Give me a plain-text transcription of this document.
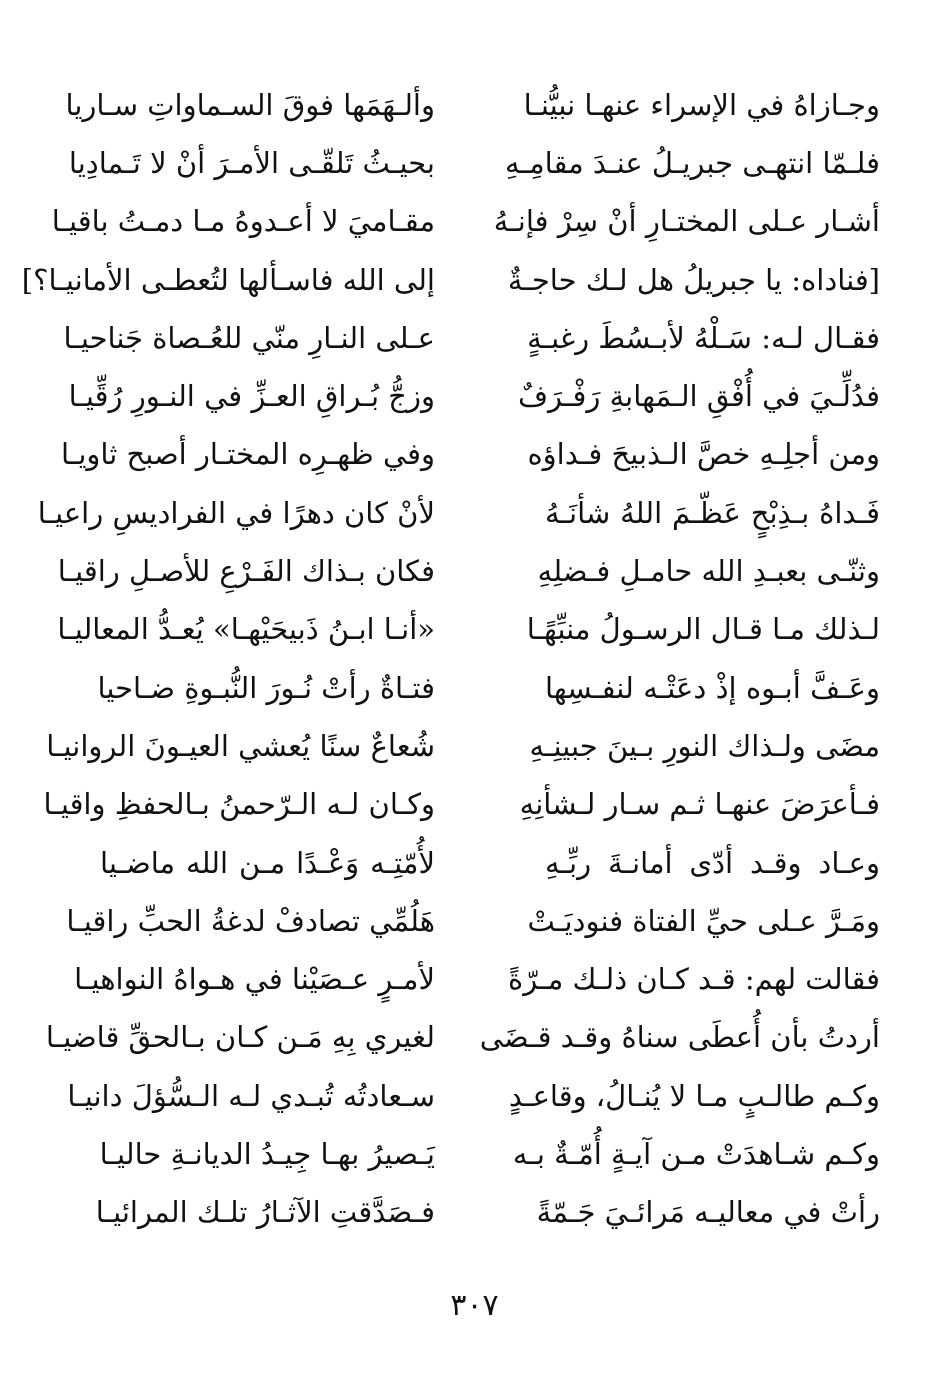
وجـازاهُ في الإسراء عنهـا نبيُّنـا
وألـهَمَها فوقَ السـماواتِ سـاريا
فلـمّا انتهـى جبريـلُ عنـدَ مقامِـهِ
بحيـثُ تَلقّـى الأمـرَ أنْ لا تَـمادِيا
أشـار عـلى المختـارِ أنْ سِرْ فإنـهُ
مقـاميَ لا أعـدوهُ مـا دمـتُ باقيـا
[فناداه: يا جبريلُ هل لـك حاجـةٌ
إلى الله فاسـألها لتُعطـى الأمانيـا؟]
فقـال لـه: سَـلْهُ لأبـسُطَ رغبـةٍ
عـلى النـارِ منّي للعُـصاة جَناحيـا
فدُلِّـيَ في أُفْقِ الـمَهابةِ رَفْـرَفٌ
وزجُّ بُـراقِ العـزِّ في النـورِ رُقِّيـا
ومن أجلِـهِ خصَّ الـذبيحَ فـداؤه
وفي ظهـرِه المختـار أصبح ثاويـا
فَـداهُ بـذِبْحٍ عَظّـمَ اللهُ شأنَـهُ
لأنْ كان دهرًا في الفراديسِ راعيـا
وثنّـى بعبـدِ الله حامـلِ فـضلِهِ
فكان بـذاك الفَـرْعِ للأصـلِ راقيـا
لـذلك مـا قـال الرسـولُ منبِّهًـا
«أنـا ابـنُ ذَبيحَيْهـا» يُعـدُّ المعاليـا
وعَـفَّ أبـوه إذْ دعَتْـه لنفـسِها
فتـاةٌ رأتْ نُـورَ النُّبـوةِ ضـاحيا
مضَى ولـذاك النورِ بـينَ جبينِـهِ
شُعاعٌ سنًا يُعشي العيـونَ الروانيـا
فـأعرَضَ عنهـا ثـم سـار لـشأنِهِ
وكـان لـه الـرّحمنُ بـالحفظِ واقيـا
وعـاد وقـد أدّى أمانـةَ ربِّـهِ
لأُمّتِـه وَعْـدًا مـن الله ماضـيا
ومَـرَّ عـلى حيِّ الفتاة فنوديَـتْ
هَلُمِّي تصادفْ لدغةُ الحبِّ راقيـا
فقالت لهم: قـد كـان ذلـك مـرّةً
لأمـرٍ عـصَيْنا في هـواهُ النواهيـا
أردتُ بأن أُعطَى سناهُ وقـد قـضَى
لغيري بِهِ مَـن كـان بـالحقِّ قاضيـا
وكـم طالـبٍ مـا لا يُنـالُ، وقاعـدٍ
سـعادتُه تُبـدي لـه الـسُّؤلَ دانيـا
وكـم شـاهدَتْ مـن آيـةٍ أُمّـةٌ بـه
يَـصيرُ بهـا جِيـدُ الديانـةِ حاليـا
رأتْ في معاليـه مَرائـيَ جَـمّةً
فـصَدَّقتِ الآثـارُ تلـك المرائيـا
٣٠٧
